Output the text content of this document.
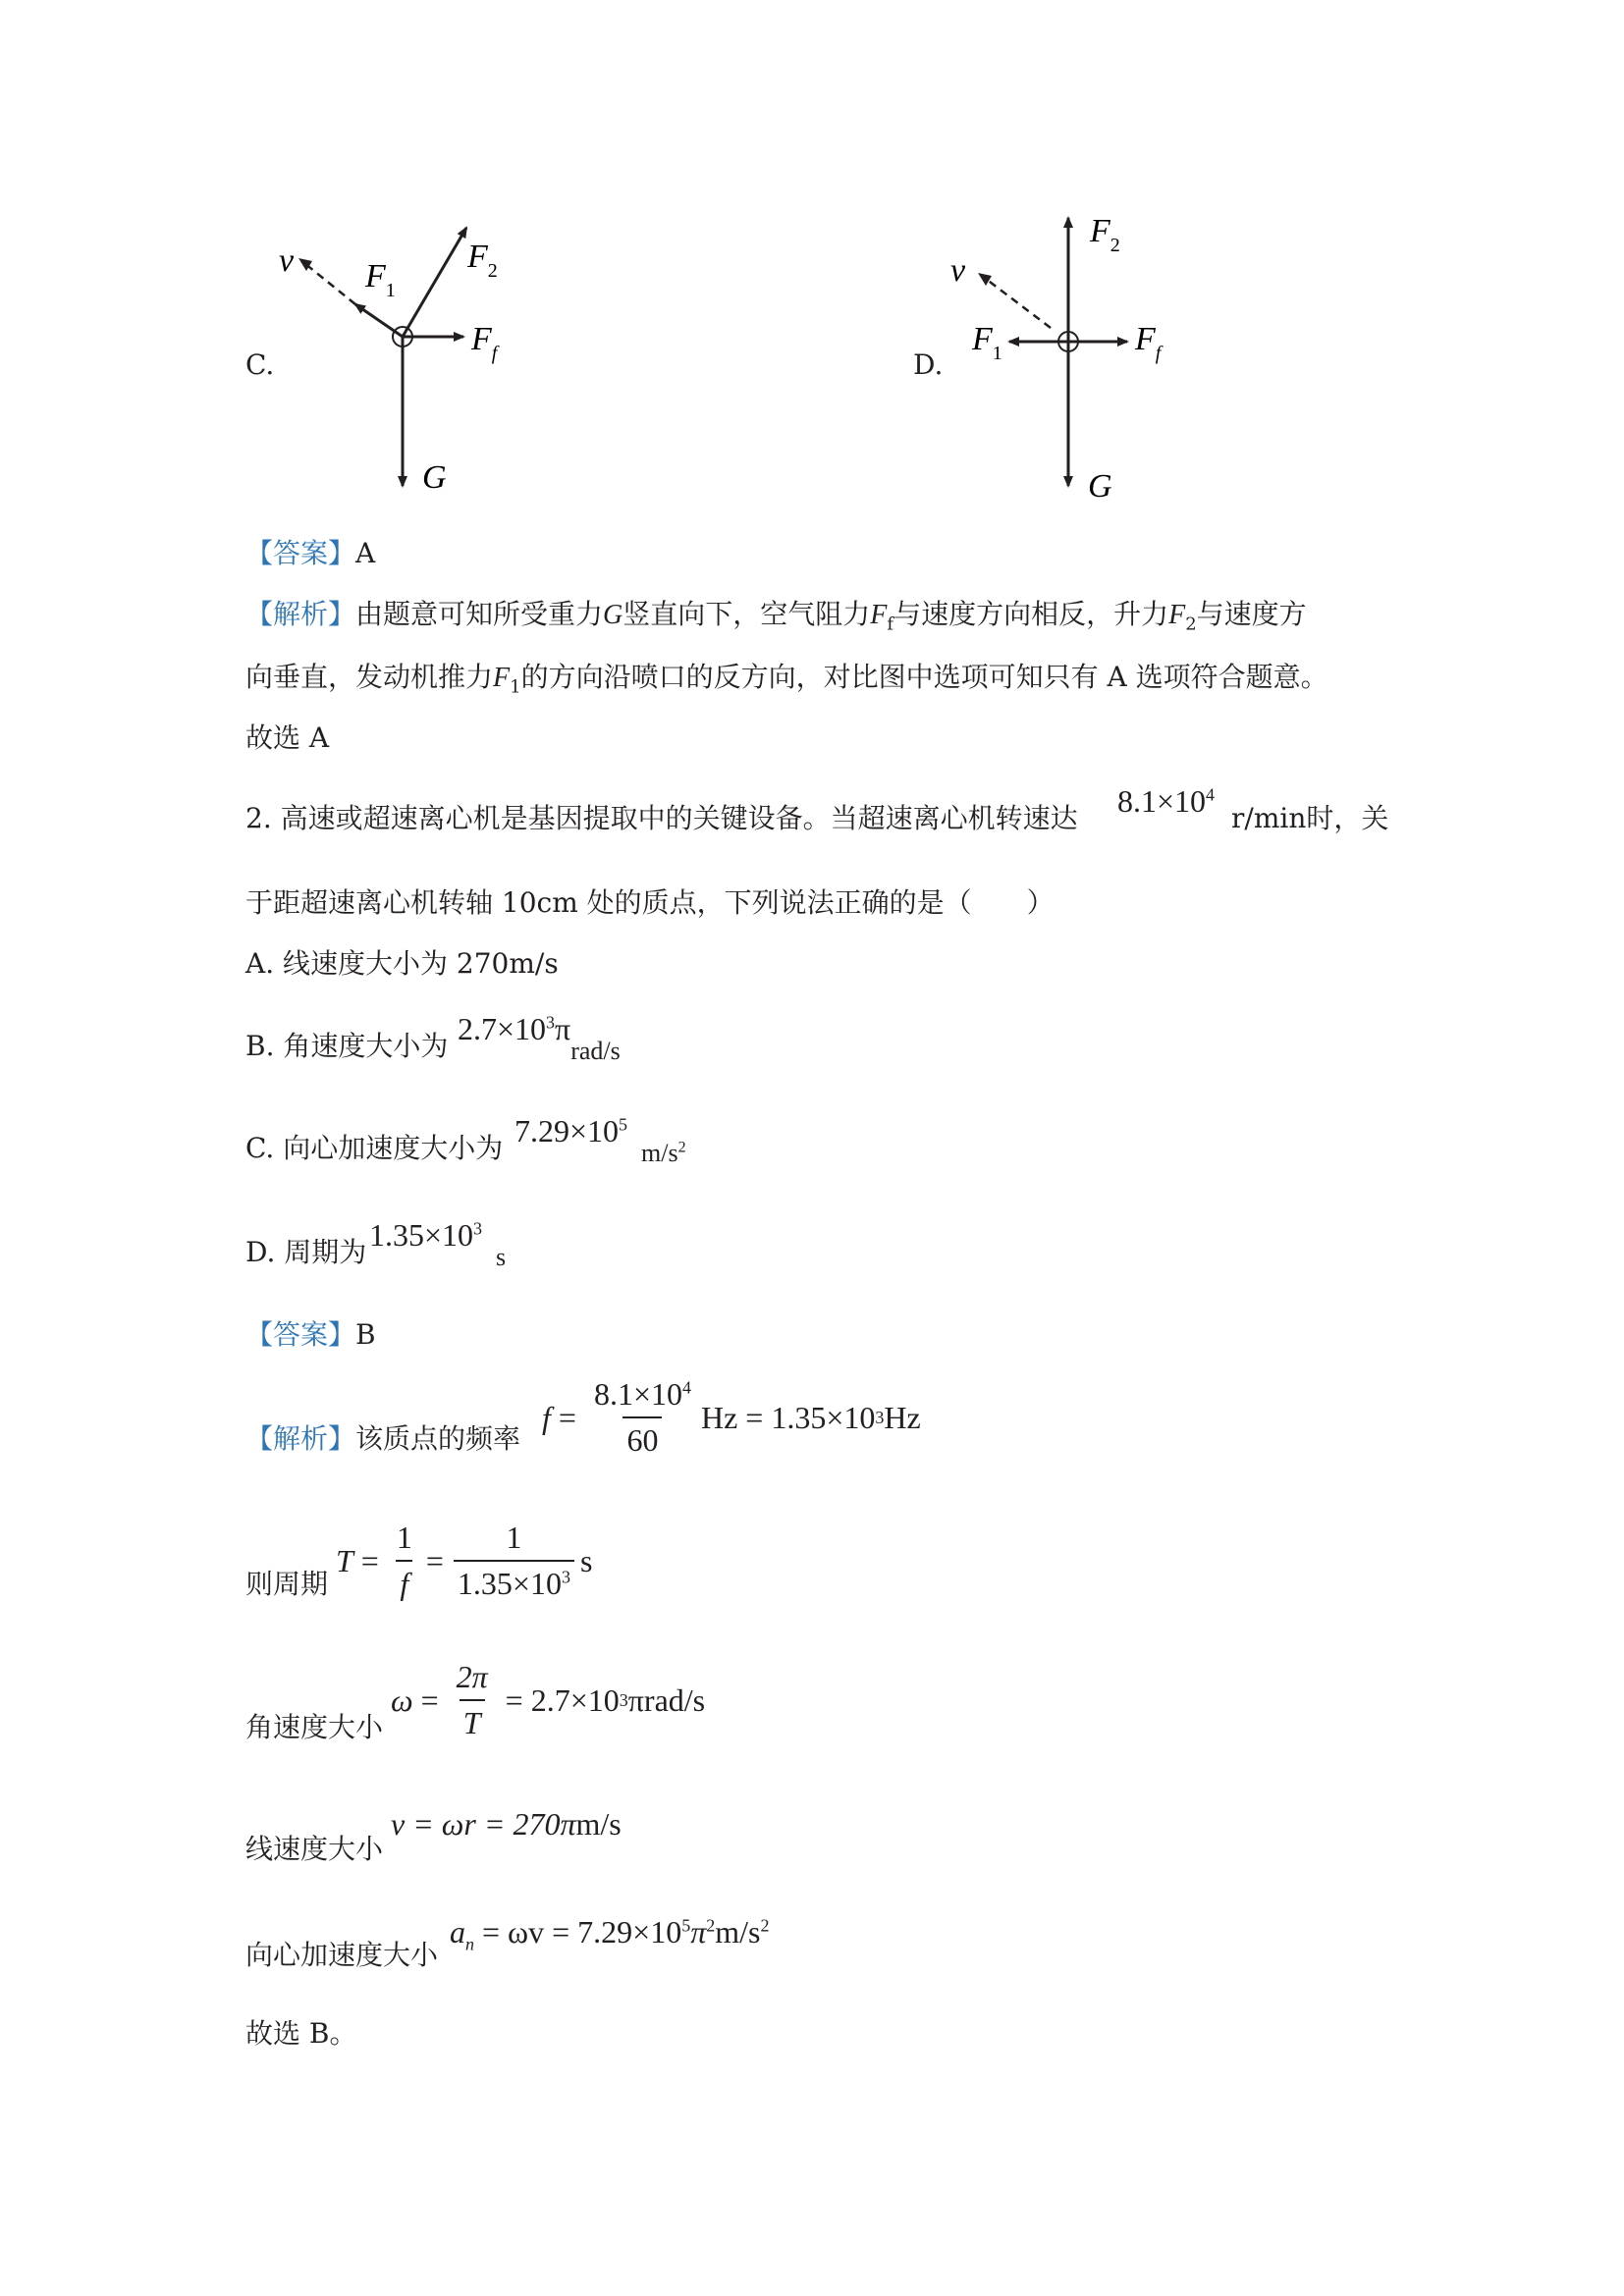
C.
v $F_1$
$F_2$
$F_f$
G
D.
v
$F_2$
$F_1$	$F_f$
G
【答案】A
【解析】由题意可知所受重力G竖直向下，空气阻力$F_f$与速度方向相反，升力$F_2$与速度方
向垂直，发动机推力$F_1$的方向沿喷口的反方向，对比图中选项可知只有 A 选项符合题意。
故选 A
2. 高速或超速离心机是基因提取中的关键设备。当超速离心机转速达 $8.1\times 10^4$
r/min时，关
于距超速离心机转轴 10cm 处的质点，下列说法正确的是（　　）
A. 线速度大小为 270m/s
B. 角速度大小为 $2.7\times 10^3\pi_{rad/s}$
C. 向心加速度大小为 $7.29\times 10^5_{m/s^2}$
D. 周期为 $1.35\times 10^3_s$
【答案】B
【解析】该质点的频率
$f = \frac{8.1\times 10^4}{60}$ Hz = 1.35×10 3 Hz
则周期
$T = \frac{1}{f} = \frac{1}{1.35\times 10^3}$ s
角速度大小
$\omega = \frac{2\pi}{T} = 2.7\times 10$ 3 πrad/s
线速度大小
v = ωr = 270πm/s
向心加速度大小
$a_n = \omega v = 7.29\times 10^5\pi^2m/s^2$
故选 B。
